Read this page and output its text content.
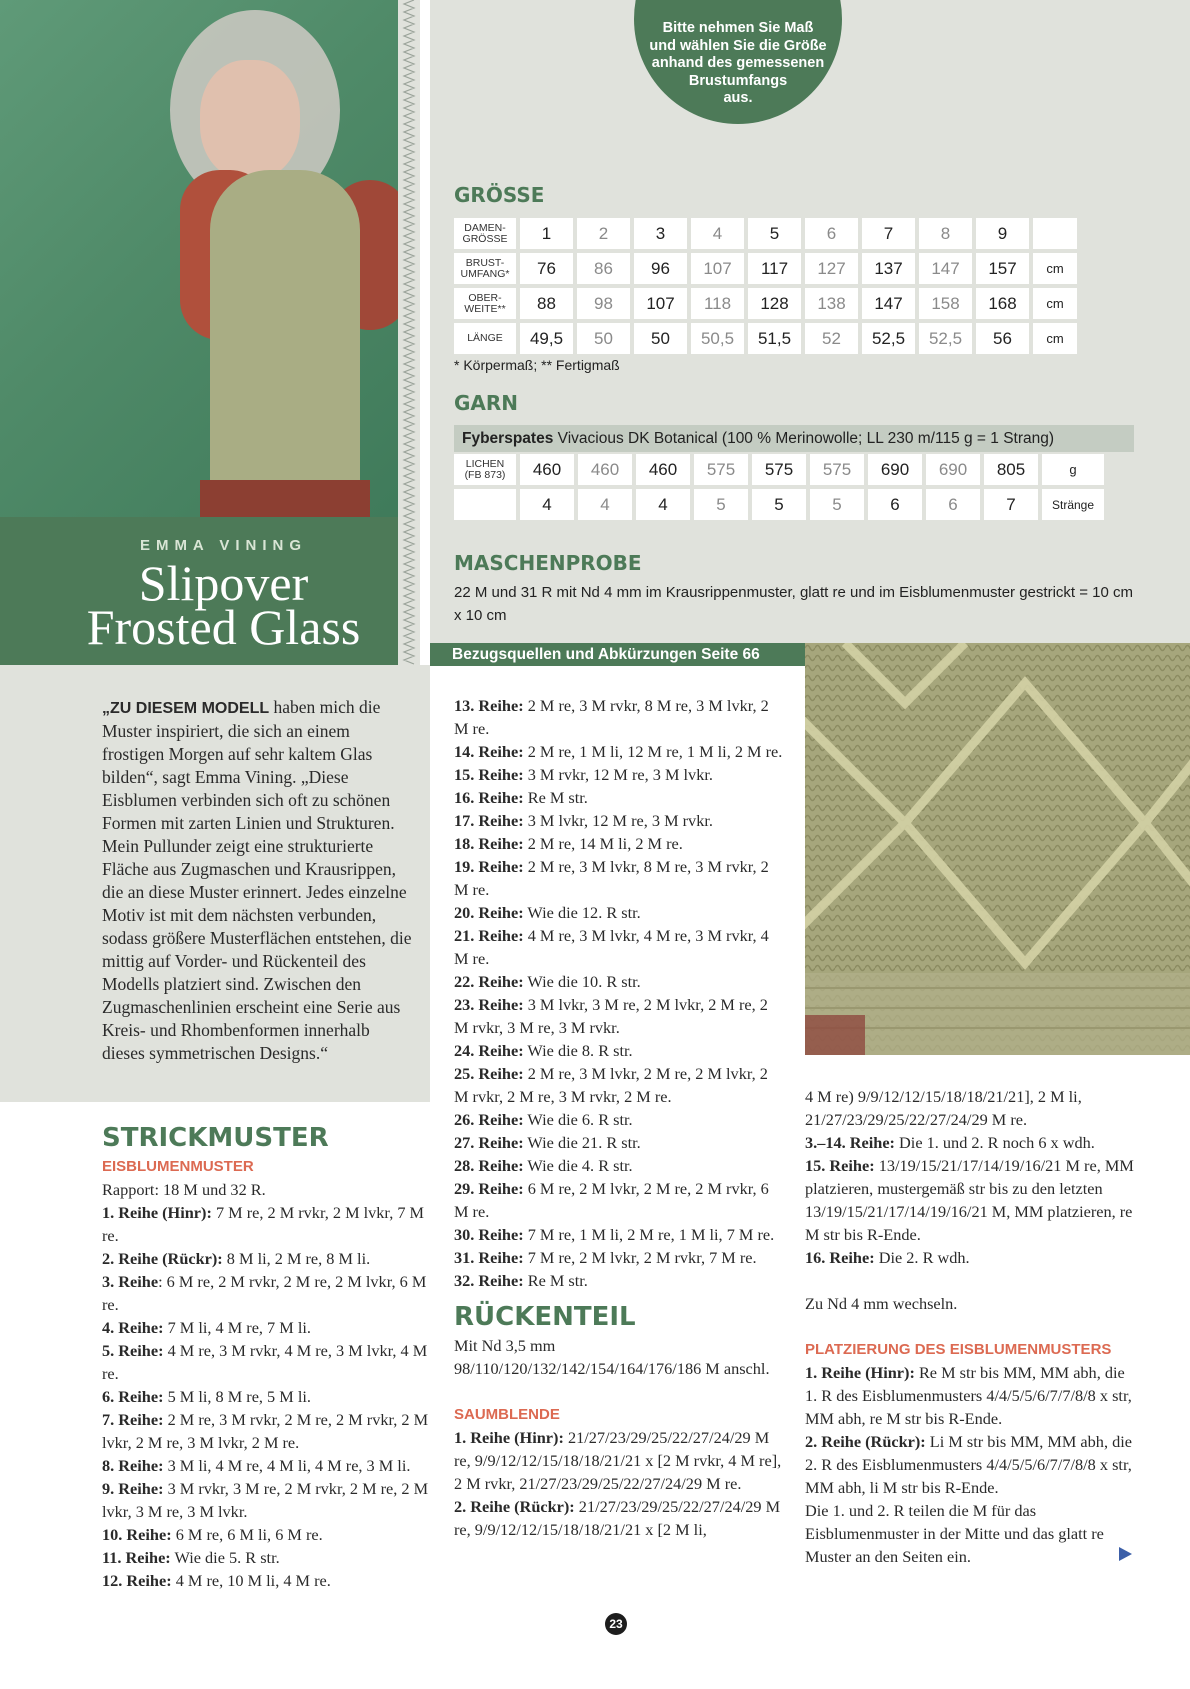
EMMA VINING
Slipover
Frosted Glass
Bitte nehmen Sie Maß
und wählen Sie die Größe
anhand des gemessenen
Brustumfangs
aus.
GRÖSSE
DAMEN-
GRÖSSE	1	2	3	4	5	6	7	8	9	

BRUST-
UMFANG*	76	86	96	107	117	127	137	147	157	cm

OBER-
WEITE**	88	98	107	118	128	138	147	158	168	cm

LÄNGE	49,5	50	50	50,5	51,5	52	52,5	52,5	56	cm
* Körpermaß; ** Fertigmaß
GARN
Fyberspates Vivacious DK Botanical (100 % Merinowolle; LL 230 m/115 g = 1 Strang)
LICHEN
(FB 873)	460	460	460	575	575	575	690	690	805	g

	4	4	4	5	5	5	6	6	7	Stränge
MASCHENPROBE
22 M und 31 R mit Nd 4 mm im Krausrippenmuster, glatt re und im Eisblumenmuster gestrickt = 10 cm x 10 cm
Bezugsquellen und Abkürzungen Seite 66
„ZU DIESEM MODELL haben mich die Muster inspiriert, die sich an einem frostigen Morgen auf sehr kaltem Glas bilden“, sagt Emma Vining. „Diese Eisblumen verbinden sich oft zu schönen Formen mit zarten Linien und Strukturen. Mein Pullunder zeigt eine strukturierte Fläche aus Zugmaschen und Krausrippen, die an diese Muster erinnert. Jedes einzelne Motiv ist mit dem nächsten verbunden, sodass größere Musterflächen entstehen, die mittig auf Vorder- und Rückenteil des Modells platziert sind. Zwischen den Zugmaschenlinien erscheint eine Serie aus Kreis- und Rhombenformen innerhalb dieses symmetrischen Designs.“
STRICKMUSTER
EISBLUMENMUSTER

Rapport: 18 M und 32 R.

1. Reihe (Hinr): 7 M re, 2 M rvkr, 2 M lvkr, 7 M re.

2. Reihe (Rückr): 8 M li, 2 M re, 8 M li.

3. Reihe: 6 M re, 2 M rvkr, 2 M re, 2 M lvkr, 6 M re.

4. Reihe: 7 M li, 4 M re, 7 M li.

5. Reihe: 4 M re, 3 M rvkr, 4 M re, 3 M lvkr, 4 M re.

6. Reihe: 5 M li, 8 M re, 5 M li.

7. Reihe: 2 M re, 3 M rvkr, 2 M re, 2 M rvkr, 2 M lvkr, 2 M re, 3 M lvkr, 2 M re.

8. Reihe: 3 M li, 4 M re, 4 M li, 4 M re, 3 M li.

9. Reihe: 3 M rvkr, 3 M re, 2 M rvkr, 2 M re, 2 M lvkr, 3 M re, 3 M lvkr.

10. Reihe: 6 M re, 6 M li, 6 M re.

11. Reihe: Wie die 5. R str.

12. Reihe: 4 M re, 10 M li, 4 M re.

13. Reihe: 2 M re, 3 M rvkr, 8 M re, 3 M lvkr, 2 M re.

14. Reihe: 2 M re, 1 M li, 12 M re, 1 M li, 2 M re.

15. Reihe: 3 M rvkr, 12 M re, 3 M lvkr.

16. Reihe: Re M str.

17. Reihe: 3 M lvkr, 12 M re, 3 M rvkr.

18. Reihe: 2 M re, 14 M li, 2 M re.

19. Reihe: 2 M re, 3 M lvkr, 8 M re, 3 M rvkr, 2 M re.

20. Reihe: Wie die 12. R str.

21. Reihe: 4 M re, 3 M lvkr, 4 M re, 3 M rvkr, 4 M re.

22. Reihe: Wie die 10. R str.

23. Reihe: 3 M lvkr, 3 M re, 2 M lvkr, 2 M re, 2 M rvkr, 3 M re, 3 M rvkr.

24. Reihe: Wie die 8. R str.

25. Reihe: 2 M re, 3 M lvkr, 2 M re, 2 M lvkr, 2 M rvkr, 2 M re, 3 M rvkr, 2 M re.

26. Reihe: Wie die 6. R str.

27. Reihe: Wie die 21. R str.

28. Reihe: Wie die 4. R str.

29. Reihe: 6 M re, 2 M lvkr, 2 M re, 2 M rvkr, 6 M re.

30. Reihe: 7 M re, 1 M li, 2 M re, 1 M li, 7 M re.

31. Reihe: 7 M re, 2 M lvkr, 2 M rvkr, 7 M re.

32. Reihe: Re M str.

RÜCKENTEIL

Mit Nd 3,5 mm 98/110/120/132/142/154/164/176/186 M anschl.

SAUMBLENDE

1. Reihe (Hinr): 21/27/23/29/25/22/27/24/29 M re, 9/9/12/12/15/18/18/21/21 x [2 M rvkr, 4 M re], 2 M rvkr, 21/27/23/29/25/22/27/24/29 M re.

2. Reihe (Rückr): 21/27/23/29/25/22/27/24/29 M re, 9/9/12/12/15/18/18/21/21 x [2 M li,

4 M re) 9/9/12/12/15/18/18/21/21], 2 M li, 21/27/23/29/25/22/27/24/29 M re.

3.–14. Reihe: Die 1. und 2. R noch 6 x wdh.

15. Reihe: 13/19/15/21/17/14/19/16/21 M re, MM platzieren, mustergemäß str bis zu den letzten 13/19/15/21/17/14/19/16/21 M, MM platzieren, re M str bis R-Ende.

16. Reihe: Die 2. R wdh.

Zu Nd 4 mm wechseln.

PLATZIERUNG DES EISBLUMENMUSTERS

1. Reihe (Hinr): Re M str bis MM, MM abh, die 1. R des Eisblumenmusters 4/4/5/5/6/7/7/8/8 x str, MM abh, re M str bis R-Ende.

2. Reihe (Rückr): Li M str bis MM, MM abh, die 2. R des Eisblumenmusters 4/4/5/5/6/7/7/8/8 x str, MM abh, li M str bis R-Ende.

Die 1. und 2. R teilen die M für das Eisblumenmuster in der Mitte und das glatt re Muster an den Seiten ein.

23
